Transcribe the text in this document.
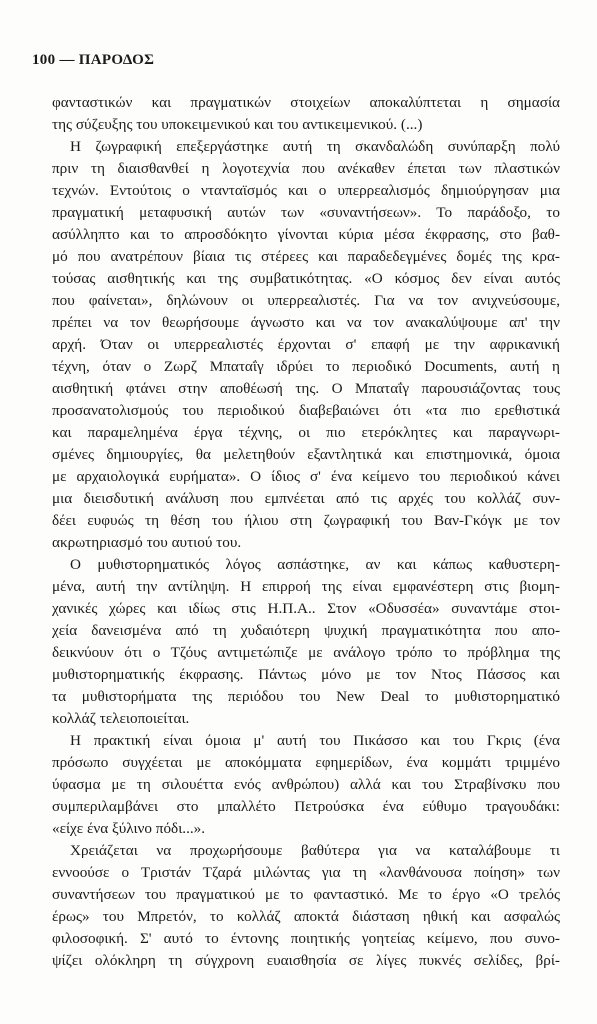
100 — ΠΑΡΟΔΟΣ

φανταστικών και πραγματικών στοιχείων αποκαλύπτεται η σημασία
της σύζευξης του υποκειμενικού και του αντικειμενικού. (...)

Η ζωγραφική επεξεργάστηκε αυτή τη σκανδαλώδη συνύπαρξη πολύ
πριν τη διαισθανθεί η λογοτεχνία που ανέκαθεν έπεται των πλαστικών
τεχνών. Εντούτοις ο ντανταϊσμός και ο υπερρεαλισμός δημιούργησαν μια
πραγματική μεταφυσική αυτών των «συναντήσεων». Το παράδοξο, το
ασύλληπτο και το απροσδόκητο γίνονται κύρια μέσα έκφρασης, στο βαθ-
μό που ανατρέπουν βίαια τις στέρεες και παραδεδεγμένες δομές της κρα-
τούσας αισθητικής και της συμβατικότητας. «Ο κόσμος δεν είναι αυτός
που φαίνεται», δηλώνουν οι υπερρεαλιστές. Για να τον ανιχνεύσουμε,
πρέπει να τον θεωρήσουμε άγνωστο και να τον ανακαλύψουμε απ' την
αρχή. Όταν οι υπερρεαλιστές έρχονται σ' επαφή με την αφρικανική
τέχνη, όταν ο Ζωρζ Μπαταΐγ ιδρύει το περιοδικό Documents, αυτή η
αισθητική φτάνει στην αποθέωσή της. Ο Μπαταΐγ παρουσιάζοντας τους
προσανατολισμούς του περιοδικού διαβεβαιώνει ότι «τα πιο ερεθιστικά
και παραμελημένα έργα τέχνης, οι πιο ετερόκλητες και παραγνωρι-
σμένες δημιουργίες, θα μελετηθούν εξαντλητικά και επιστημονικά, όμοια
με αρχαιολογικά ευρήματα». Ο ίδιος σ' ένα κείμενο του περιοδικού κάνει
μια διεισδυτική ανάλυση που εμπνέεται από τις αρχές του κολλάζ συν-
δέει ευφυώς τη θέση του ήλιου στη ζωγραφική του Βαν-Γκόγκ με τον
ακρωτηριασμό του αυτιού του.

Ο μυθιστορηματικός λόγος ασπάστηκε, αν και κάπως καθυστερη-
μένα, αυτή την αντίληψη. Η επιρροή της είναι εμφανέστερη στις βιομη-
χανικές χώρες και ιδίως στις Η.Π.Α.. Στον «Οδυσσέα» συναντάμε στοι-
χεία δανεισμένα από τη χυδαιότερη ψυχική πραγματικότητα που απο-
δεικνύουν ότι ο Τζόυς αντιμετώπιζε με ανάλογο τρόπο το πρόβλημα της
μυθιστορηματικής έκφρασης. Πάντως μόνο με τον Ντος Πάσσος και
τα μυθιστορήματα της περιόδου του New Deal το μυθιστορηματικό
κολλάζ τελειοποιείται.

Η πρακτική είναι όμοια μ' αυτή του Πικάσσο και του Γκρις (ένα
πρόσωπο συγχέεται με αποκόμματα εφημερίδων, ένα κομμάτι τριμμένο
ύφασμα με τη σιλουέττα ενός ανθρώπου) αλλά και του Στραβίνσκυ που
συμπεριλαμβάνει στο μπαλλέτο Πετρούσκα ένα εύθυμο τραγουδάκι:
«είχε ένα ξύλινο πόδι...».

Χρειάζεται να προχωρήσουμε βαθύτερα για να καταλάβουμε τι
εννοούσε ο Τριστάν Τζαρά μιλώντας για τη «λανθάνουσα ποίηση» των
συναντήσεων του πραγματικού με το φανταστικό. Με το έργο «Ο τρελός
έρως» του Μπρετόν, το κολλάζ αποκτά διάσταση ηθική και ασφαλώς
φιλοσοφική. Σ' αυτό το έντονης ποιητικής γοητείας κείμενο, που συνο-
ψίζει ολόκληρη τη σύγχρονη ευαισθησία σε λίγες πυκνές σελίδες, βρί-
